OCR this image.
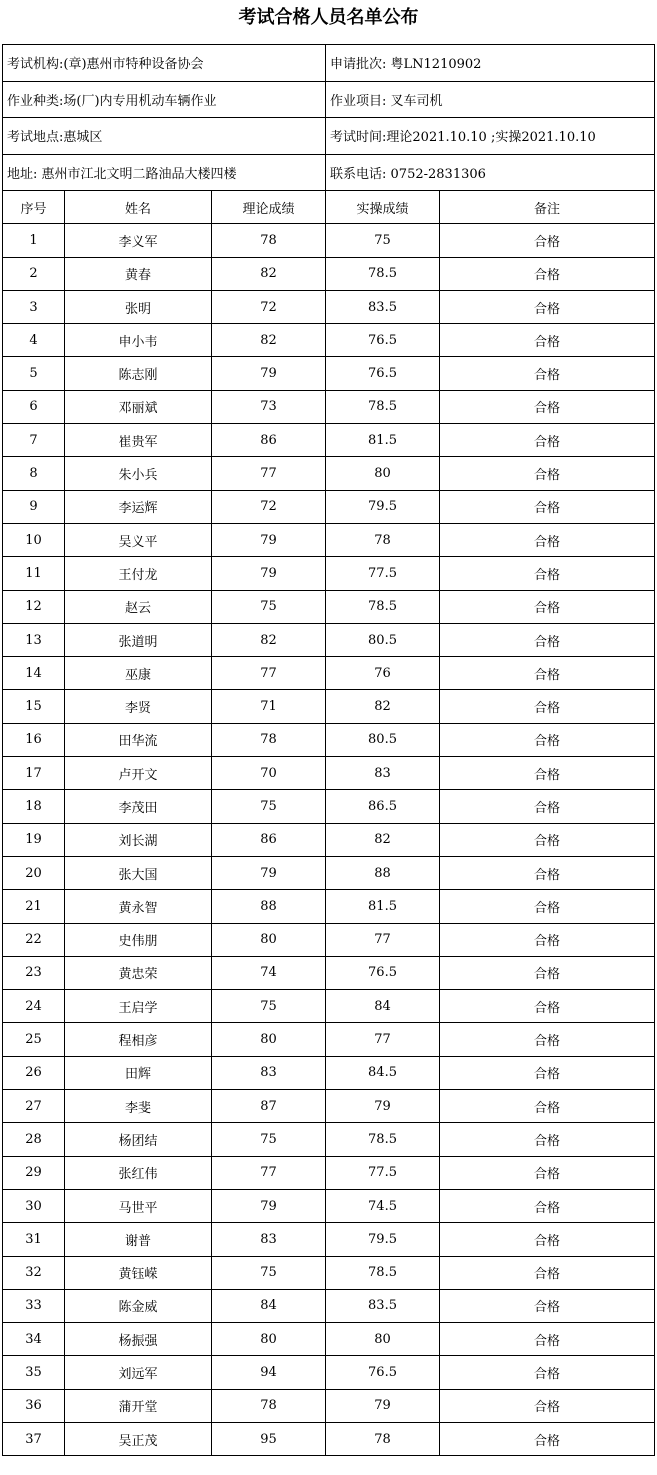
考试合格人员名单公布
考试机构:(章)惠州市特种设备协会			申请批次: 粤LN1210902	
作业种类:场(厂)内专用机动车辆作业			作业项目: 叉车司机	
考试地点:惠城区			考试时间:理论2021.10.10 ;实操2021.10.10	
地址: 惠州市江北文明二路油品大楼四楼			联系电话: 0752-2831306	
序号	姓名	理论成绩	实操成绩	备注
1	李义军	78	75	合格
2	黄春	82	78.5	合格
3	张明	72	83.5	合格
4	申小韦	82	76.5	合格
5	陈志刚	79	76.5	合格
6	邓丽斌	73	78.5	合格
7	崔贵军	86	81.5	合格
8	朱小兵	77	80	合格
9	李运辉	72	79.5	合格
10	吴义平	79	78	合格
11	王付龙	79	77.5	合格
12	赵云	75	78.5	合格
13	张道明	82	80.5	合格
14	巫康	77	76	合格
15	李贤	71	82	合格
16	田华流	78	80.5	合格
17	卢开文	70	83	合格
18	李茂田	75	86.5	合格
19	刘长湖	86	82	合格
20	张大国	79	88	合格
21	黄永智	88	81.5	合格
22	史伟朋	80	77	合格
23	黄忠荣	74	76.5	合格
24	王启学	75	84	合格
25	程相彦	80	77	合格
26	田辉	83	84.5	合格
27	李斐	87	79	合格
28	杨团结	75	78.5	合格
29	张红伟	77	77.5	合格
30	马世平	79	74.5	合格
31	谢普	83	79.5	合格
32	黄钰嵘	75	78.5	合格
33	陈金威	84	83.5	合格
34	杨振强	80	80	合格
35	刘远军	94	76.5	合格
36	蒲开堂	78	79	合格
37	吴正茂	95	78	合格
